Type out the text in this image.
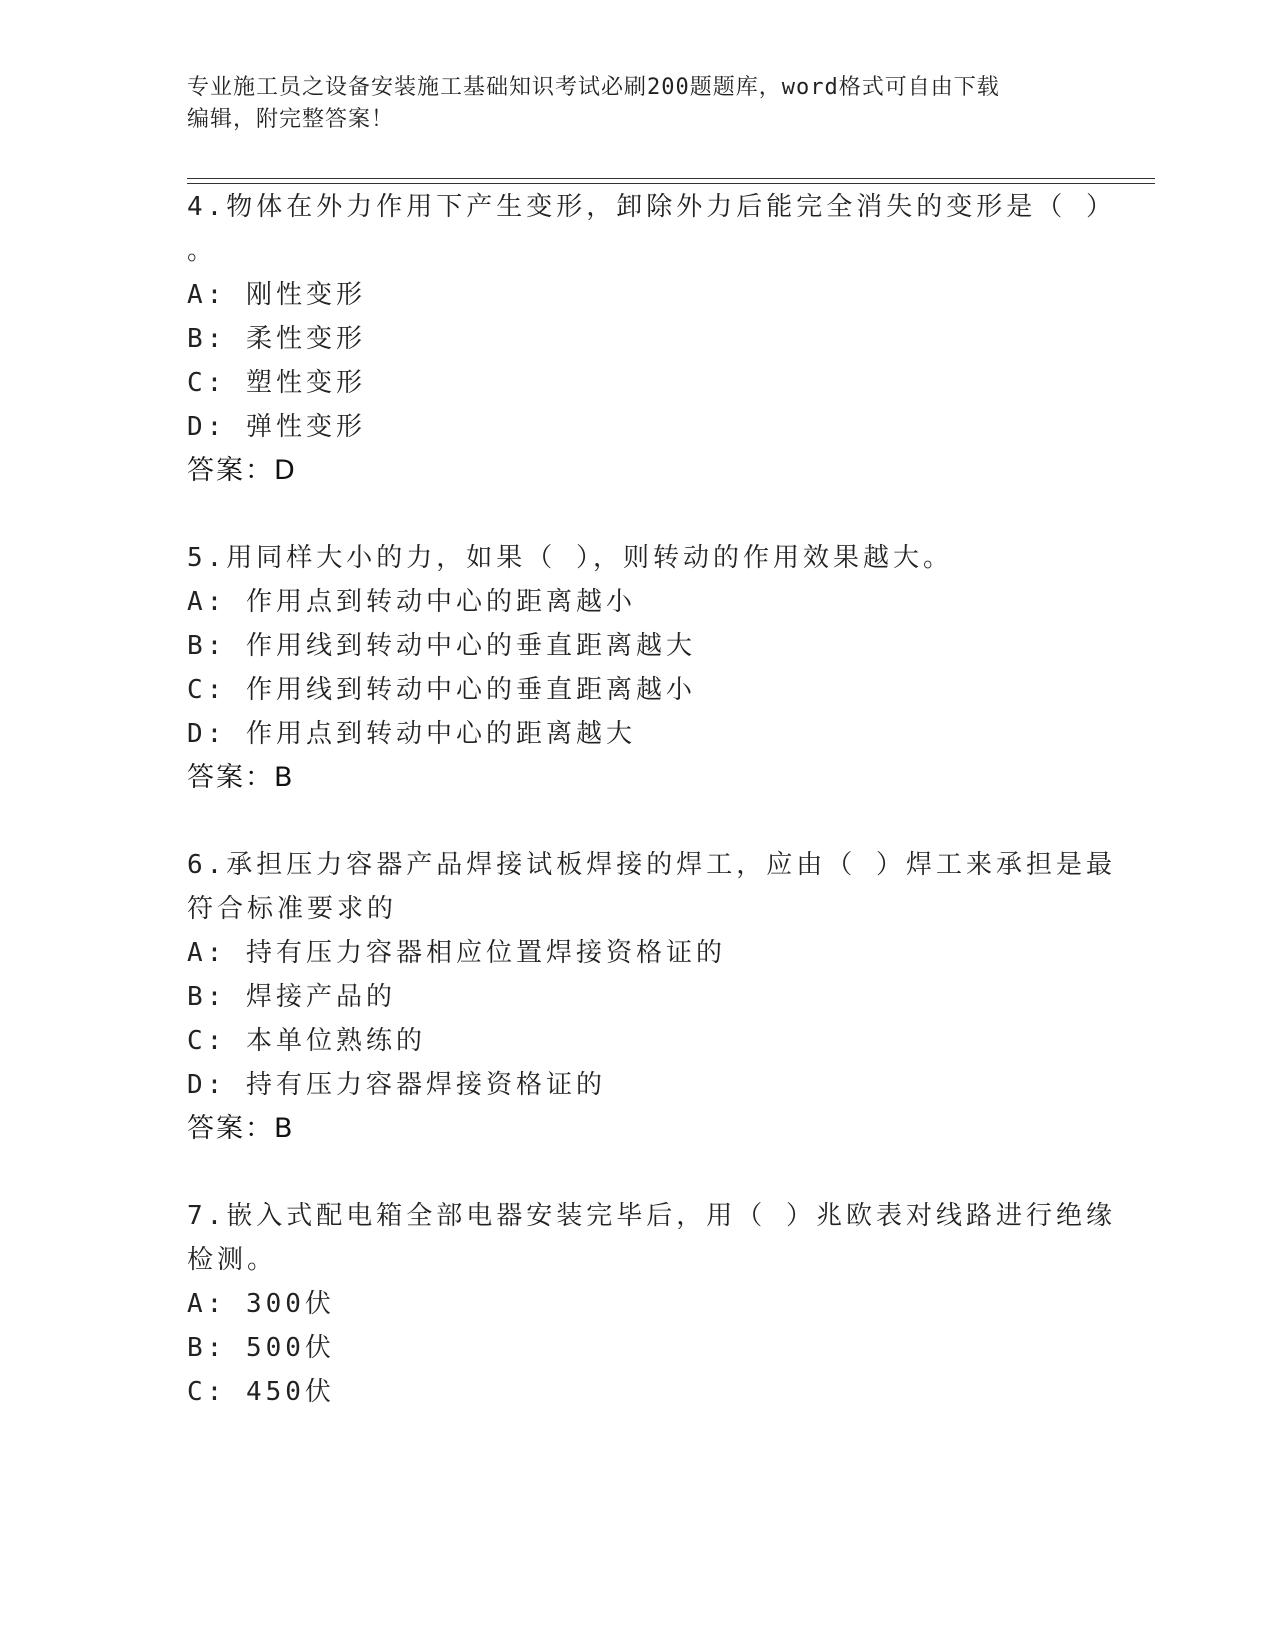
专业施工员之设备安装施工基础知识考试必刷200题题库，word格式可自由下载
编辑，附完整答案！
4.物体在外力作用下产生变形，卸除外力后能完全消失的变形是（ ）
。
A: 刚性变形
B: 柔性变形
C: 塑性变形
D: 弹性变形
答案：D
5.用同样大小的力，如果（ ），则转动的作用效果越大。
A: 作用点到转动中心的距离越小
B: 作用线到转动中心的垂直距离越大
C: 作用线到转动中心的垂直距离越小
D: 作用点到转动中心的距离越大
答案：B
6.承担压力容器产品焊接试板焊接的焊工，应由（ ）焊工来承担是最
符合标准要求的
A: 持有压力容器相应位置焊接资格证的
B: 焊接产品的
C: 本单位熟练的
D: 持有压力容器焊接资格证的
答案：B
7.嵌入式配电箱全部电器安装完毕后，用（ ）兆欧表对线路进行绝缘
检测。
A: 300伏
B: 500伏
C: 450伏
